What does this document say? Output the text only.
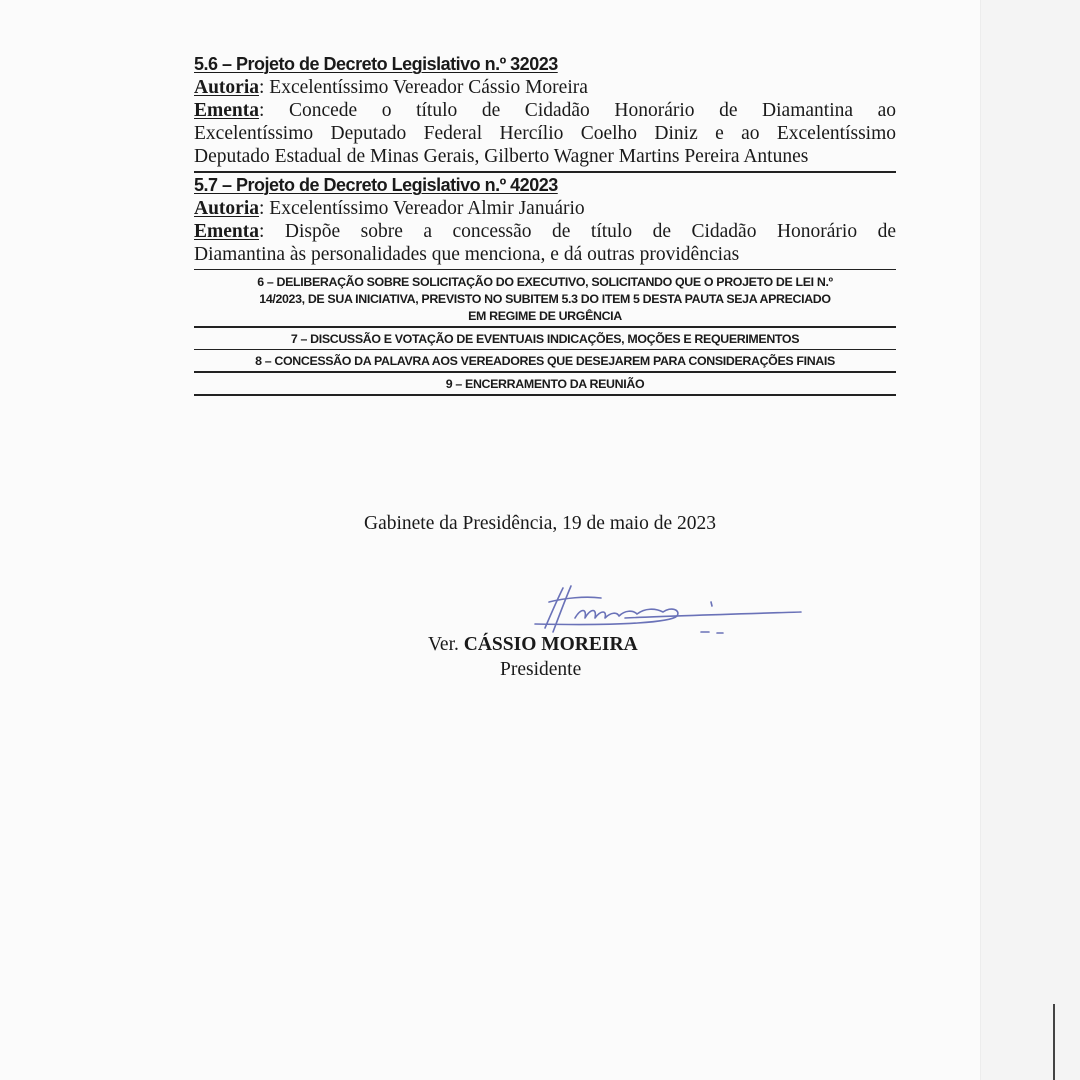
5.6 – Projeto de Decreto Legislativo n.º 32023
Autoria: Excelentíssimo Vereador Cássio Moreira
Ementa: Concede o título de Cidadão Honorário de Diamantina ao
Excelentíssimo Deputado Federal Hercílio Coelho Diniz e ao Excelentíssimo
Deputado Estadual de Minas Gerais, Gilberto Wagner Martins Pereira Antunes
5.7 – Projeto de Decreto Legislativo n.º 42023
Autoria: Excelentíssimo Vereador Almir Januário
Ementa: Dispõe sobre a concessão de título de Cidadão Honorário de
Diamantina às personalidades que menciona, e dá outras providências
6 – DELIBERAÇÃO SOBRE SOLICITAÇÃO DO EXECUTIVO, SOLICITANDO QUE O PROJETO DE LEI N.º
14/2023, DE SUA INICIATIVA, PREVISTO NO SUBITEM 5.3 DO ITEM 5 DESTA PAUTA SEJA APRECIADO
EM REGIME DE URGÊNCIA
7 – DISCUSSÃO E VOTAÇÃO DE EVENTUAIS INDICAÇÕES, MOÇÕES E REQUERIMENTOS
8 – CONCESSÃO DA PALAVRA AOS VEREADORES QUE DESEJAREM PARA CONSIDERAÇÕES FINAIS
9 – ENCERRAMENTO DA REUNIÃO
Gabinete da Presidência, 19 de maio de 2023
Ver. CÁSSIO MOREIRA
Presidente
